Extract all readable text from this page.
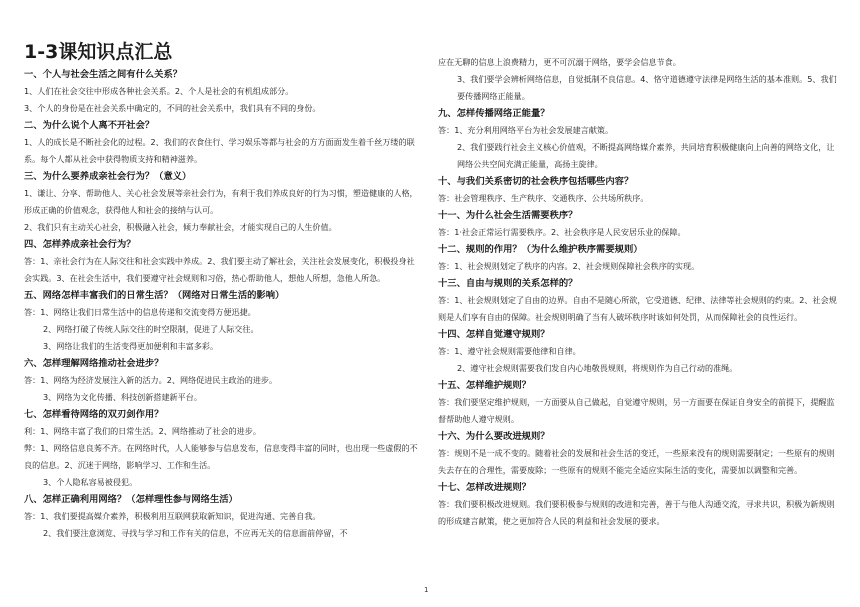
1-3课知识点汇总
一、个人与社会生活之间有什么关系？
1、人们在社会交往中形成各种社会关系。2、个人是社会的有机组成部分。
3、个人的身份是在社会关系中确定的，不同的社会关系中，我们具有不同的身份。
二、为什么说个人离不开社会？
1、人的成长是不断社会化的过程。2、我们的衣食住行、学习娱乐等都与社会的方方面面发生着千丝万缕的联系。每个人都从社会中获得物质支持和精神滋养。
三、为什么要养成亲社会行为？（意义）
1、谦让、分享、帮助他人、关心社会发展等亲社会行为，有利于我们养成良好的行为习惯，塑造健康的人格，形成正确的价值观念，获得他人和社会的接纳与认可。
2、我们只有主动关心社会，积极融入社会，倾力奉献社会，才能实现自己的人生价值。
四、怎样养成亲社会行为？
答：1、亲社会行为在人际交往和社会实践中养成。2、我们要主动了解社会，关注社会发展变化，积极投身社会实践。3、在社会生活中，我们要遵守社会规则和习俗，热心帮助他人，想他人所想，急他人所急。
五、网络怎样丰富我们的日常生活？（网络对日常生活的影响）
答：1、网络让我们日常生活中的信息传递和交流变得方便迅捷。
2、网络打破了传统人际交往的时空限制，促进了人际交往。
3、网络让我们的生活变得更加便利和丰富多彩。
六、怎样理解网络推动社会进步？
答：1、网络为经济发展注入新的活力。2、网络促进民主政治的进步。
3、网络为文化传播、科技创新搭建新平台。
七、怎样看待网络的双刃剑作用？
利：1、网络丰富了我们的日常生活。2、网络推动了社会的进步。
弊：1、网络信息良莠不齐。在网络时代，人人能够参与信息发布，信息变得丰富的同时，也出现一些虚假的不良的信息。2、沉迷于网络，影响学习、工作和生活。
3、个人隐私容易被侵犯。
八、怎样正确利用网络？（怎样理性参与网络生活）
答：1、我们要提高媒介素养，积极利用互联网获取新知识，促进沟通、完善自我。
2、我们要注意浏览、寻找与学习和工作有关的信息，不应再无关的信息面前停留，不
应在无聊的信息上浪费精力，更不可沉溺于网络，要学会信息节食。
3、我们要学会辨析网络信息，自觉抵制不良信息。4、恪守道德遵守法律是网络生活的基本准则。5、我们要传播网络正能量。
九、怎样传播网络正能量？
答：1、充分利用网络平台为社会发展建言献策。
2、我们要践行社会主义核心价值观，不断提高网络媒介素养，共同培育积极健康向上向善的网络文化，让网络公共空间充满正能量，高扬主旋律。
十、与我们关系密切的社会秩序包括哪些内容？
答：社会管理秩序、生产秩序、交通秩序、公共场所秩序。
十一、为什么社会生活需要秩序？
答：1·社会正常运行需要秩序。2、社会秩序是人民安居乐业的保障。
十二、规则的作用？（为什么维护秩序需要规则）
答：1、社会规则划定了秩序的内容。2、社会规则保障社会秩序的实现。
十三、自由与规则的关系怎样的？
答：1、社会规则划定了自由的边界。自由不是随心所欲，它受道德、纪律、法律等社会规则的约束。2、社会规则是人们享有自由的保障。社会规则明确了当有人破坏秩序时该如何处罚，从而保障社会的良性运行。
十四、怎样自觉遵守规则？
答：1、遵守社会规则需要他律和自律。
2、遵守社会规则需要我们发自内心地敬畏规则，将规则作为自己行动的准绳。
十五、怎样维护规则？
答：我们要坚定维护规则，一方面要从自己做起，自觉遵守规则，另一方面要在保证自身安全的前提下，提醒监督帮助他人遵守规则。
十六、为什么要改进规则？
答：规则不是一成不变的。随着社会的发展和社会生活的变迁，一些原来没有的规则需要制定；一些原有的规则失去存在的合理性，需要废除；一些原有的规则不能完全适应实际生活的变化，需要加以调整和完善。
十七、怎样改进规则？
答：我们要积极改进规则。我们要积极参与规则的改进和完善，善于与他人沟通交流，寻求共识，积极为新规则的形成建言献策，使之更加符合人民的利益和社会发展的要求。
1
